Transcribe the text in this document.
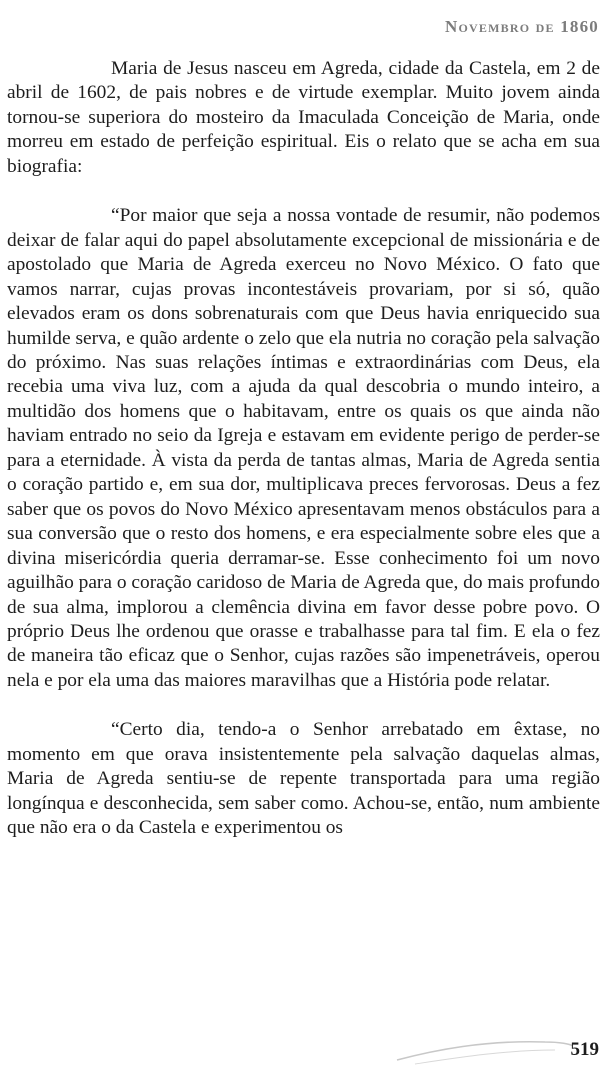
Novembro de 1860

Maria de Jesus nasceu em Agreda, cidade da Castela, em 2 de abril de 1602, de pais nobres e de virtude exemplar. Muito jovem ainda tornou-se superiora do mosteiro da Imaculada Conceição de Maria, onde morreu em estado de perfeição espiritual. Eis o relato que se acha em sua biografia:

“Por maior que seja a nossa vontade de resumir, não podemos deixar de falar aqui do papel absolutamente excepcional de missionária e de apostolado que Maria de Agreda exerceu no Novo México. O fato que vamos narrar, cujas provas incontestáveis provariam, por si só, quão elevados eram os dons sobrenaturais com que Deus havia enriquecido sua humilde serva, e quão ardente o zelo que ela nutria no coração pela salvação do próximo. Nas suas relações íntimas e extraordinárias com Deus, ela recebia uma viva luz, com a ajuda da qual descobria o mundo inteiro, a multidão dos homens que o habitavam, entre os quais os que ainda não haviam entrado no seio da Igreja e estavam em evidente perigo de perder-se para a eternidade. À vista da perda de tantas almas, Maria de Agreda sentia o coração partido e, em sua dor, multiplicava preces fervorosas. Deus a fez saber que os povos do Novo México apresentavam menos obstáculos para a sua conversão que o resto dos homens, e era especialmente sobre eles que a divina misericórdia queria derramar-se. Esse conhecimento foi um novo aguilhão para o coração caridoso de Maria de Agreda que, do mais profundo de sua alma, implorou a clemência divina em favor desse pobre povo. O próprio Deus lhe ordenou que orasse e trabalhasse para tal fim. E ela o fez de maneira tão eficaz que o Senhor, cujas razões são impenetráveis, operou nela e por ela uma das maiores maravilhas que a História pode relatar.

“Certo dia, tendo-a o Senhor arrebatado em êxtase, no momento em que orava insistentemente pela salvação daquelas almas, Maria de Agreda sentiu-se de repente transportada para uma região longínqua e desconhecida, sem saber como. Achou-se, então, num ambiente que não era o da Castela e experimentou os

519
